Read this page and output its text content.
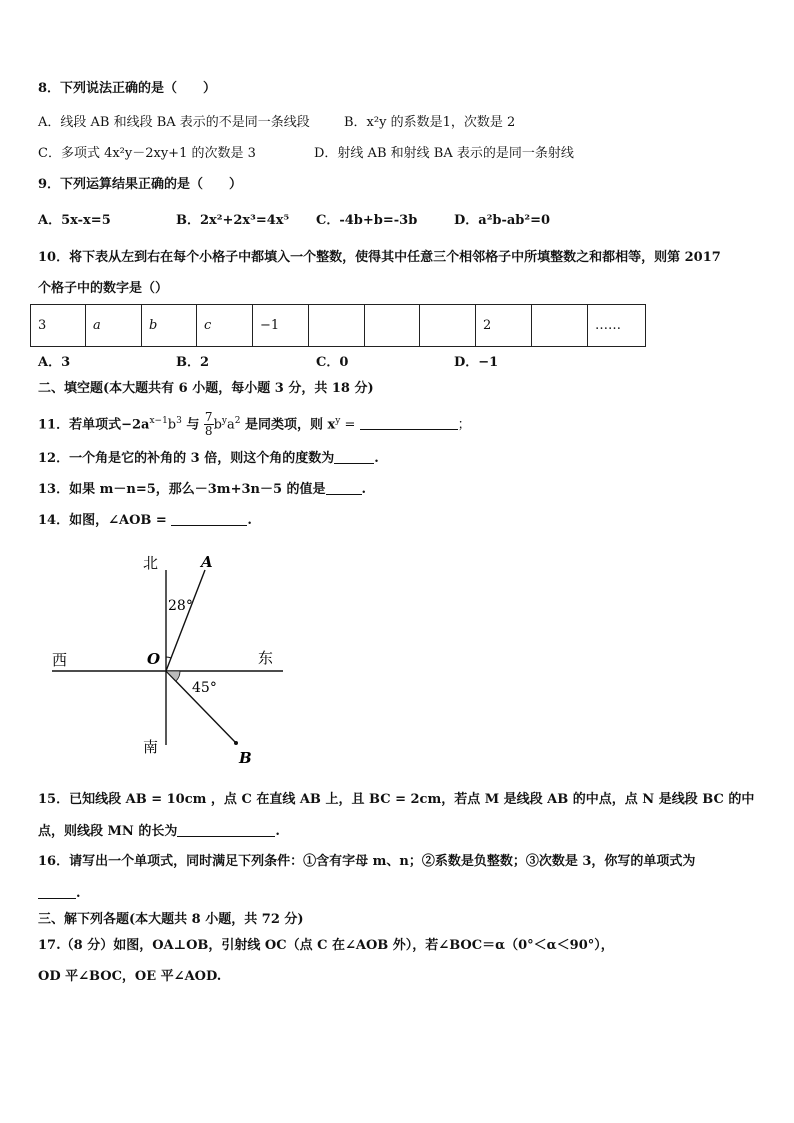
8．下列说法正确的是（　　）
A．线段 AB 和线段 BA 表示的不是同一条线段	B．x²y 的系数是1，次数是 2
C．多项式 4x²y－2xy+1 的次数是 3	D．射线 AB 和射线 BA 表示的是同一条射线
9．下列运算结果正确的是（　　）
A．5x-x=5	B．2x²+2x³=4x⁵ C．-4b+b=-3b	D．a²b-ab²=0
10．将下表从左到右在每个小格子中都填入一个整数，使得其中任意三个相邻格子中所填整数之和都相等，则第 2017
个格子中的数字是（）
3	a	b	c	−1				2		……
A．3	B．2	C．0	D．−1
二、填空题(本大题共有 6 小题，每小题 3 分，共 18 分)
11．若单项式$-2a^{x-1}b^3$ 与 $\frac{7}{8} b^ya^2$ 是同类项，则 $x^y$ =	；
12．一个角是它的补角的 3 倍，则这个角的度数为	.
13．如果 m－n=5，那么－3m+3n－5 的值是	.
14．如图，∠AOB =	.
北
南
西	东
O
A
B
28°
45°
15．已知线段 AB = 10cm ，点 C 在直线 AB 上，且 BC = 2cm，若点 M 是线段 AB 的中点，点 N 是线段 BC 的中
点，则线段 MN 的长为	.
16．请写出一个单项式，同时满足下列条件：①含有字母 m、n；②系数是负整数；③次数是 3，你写的单项式为
.
三、解下列各题(本大题共 8 小题，共 72 分)
17.（8 分）如图，OA⊥OB，引射线 OC（点 C 在∠AOB 外），若∠BOC＝α（0°＜α＜90°），
OD 平∠BOC，OE 平∠AOD.
